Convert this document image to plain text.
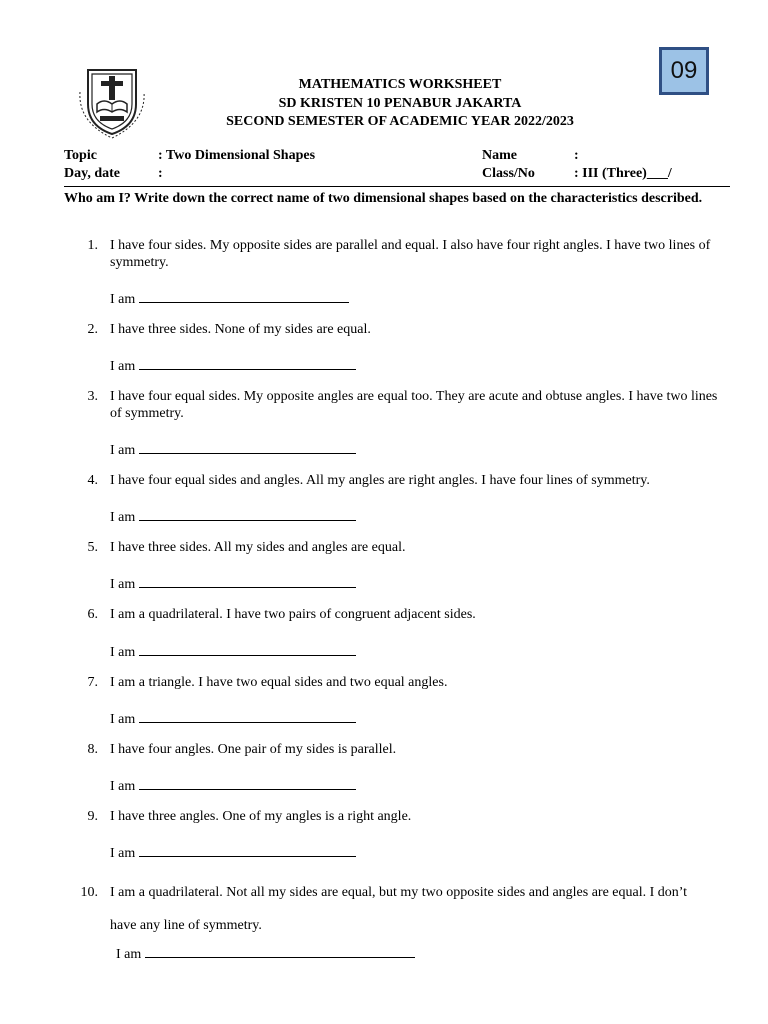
09
MATHEMATICS WORKSHEET
SD KRISTEN 10 PENABUR JAKARTA
SECOND SEMESTER OF ACADEMIC YEAR 2022/2023
Topic	: Two Dimensional Shapes	Name	:
Day, date	:	Class/No	: III (Three)___/
Who am I? Write down the correct name of two dimensional shapes based on the characteristics described.
1. I have four sides. My opposite sides are parallel and equal. I also have four right angles. I have two lines of symmetry.
I am
2. I have three sides. None of my sides are equal.
I am
3. I have four equal sides. My opposite angles are equal too. They are acute and obtuse angles. I have two lines of symmetry.
I am
4. I have four equal sides and angles. All my angles are right angles. I have four lines of symmetry.
I am
5. I have three sides. All my sides and angles are equal.
I am
6. I am a quadrilateral. I have two pairs of congruent adjacent sides.
I am
7. I am a triangle. I have two equal sides and two equal angles.
I am
8. I have four angles. One pair of my sides is parallel.
I am
9. I have three angles. One of my angles is a right angle.
I am
10. I am a quadrilateral. Not all my sides are equal, but my two opposite sides and angles are equal. I don’t have any line of symmetry.
I am
